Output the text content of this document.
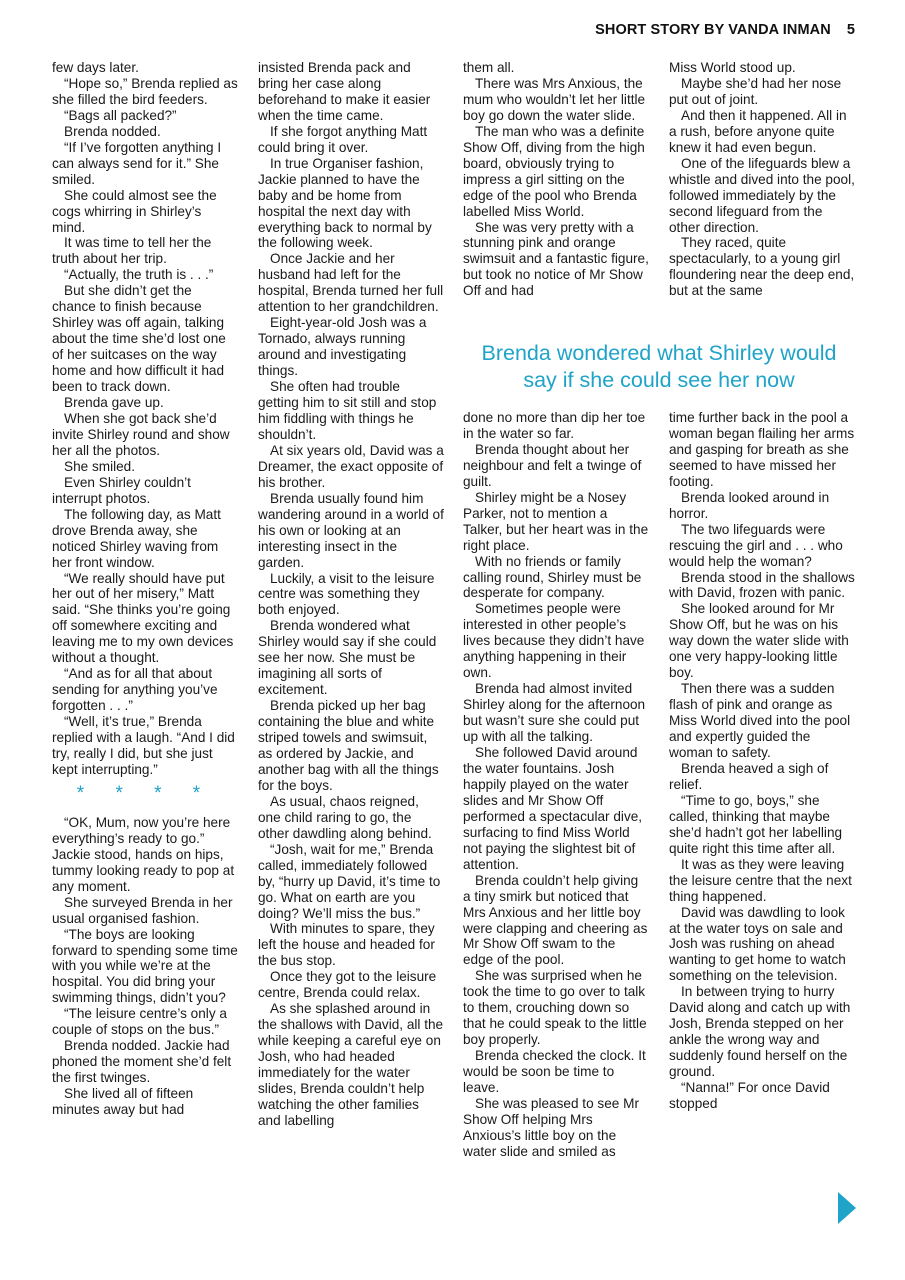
SHORT STORY BY VANDA INMAN 5

few days later.

“Hope so,” Brenda replied as she filled the bird feeders.

“Bags all packed?”

Brenda nodded.

“If I’ve forgotten anything I can always send for it.” She smiled.

She could almost see the cogs whirring in Shirley’s mind.

It was time to tell her the truth about her trip.

“Actually, the truth is . . .”

But she didn’t get the chance to finish because Shirley was off again, talking about the time she’d lost one of her suitcases on the way home and how difficult it had been to track down.

Brenda gave up.

When she got back she’d invite Shirley round and show her all the photos.

She smiled.

Even Shirley couldn’t interrupt photos.

The following day, as Matt drove Brenda away, she noticed Shirley waving from her front window.

“We really should have put her out of her misery,” Matt said. “She thinks you’re going off somewhere exciting and leaving me to my own devices without a thought.

“And as for all that about sending for anything you’ve forgotten . . .”

“Well, it’s true,” Brenda replied with a laugh. “And I did try, really I did, but she just kept interrupting.”

* * * *

“OK, Mum, now you’re here everything’s ready to go.” Jackie stood, hands on hips, tummy looking ready to pop at any moment.

She surveyed Brenda in her usual organised fashion.

“The boys are looking forward to spending some time with you while we’re at the hospital. You did bring your swimming things, didn’t you?

“The leisure centre’s only a couple of stops on the bus.”

Brenda nodded. Jackie had phoned the moment she’d felt the first twinges.

She lived all of fifteen minutes away but had

insisted Brenda pack and bring her case along beforehand to make it easier when the time came.

If she forgot anything Matt could bring it over.

In true Organiser fashion, Jackie planned to have the baby and be home from hospital the next day with everything back to normal by the following week.

Once Jackie and her husband had left for the hospital, Brenda turned her full attention to her grandchildren.

Eight-year-old Josh was a Tornado, always running around and investigating things.

She often had trouble getting him to sit still and stop him fiddling with things he shouldn’t.

At six years old, David was a Dreamer, the exact opposite of his brother.

Brenda usually found him wandering around in a world of his own or looking at an interesting insect in the garden.

Luckily, a visit to the leisure centre was something they both enjoyed.

Brenda wondered what Shirley would say if she could see her now. She must be imagining all sorts of excitement.

Brenda picked up her bag containing the blue and white striped towels and swimsuit, as ordered by Jackie, and another bag with all the things for the boys.

As usual, chaos reigned, one child raring to go, the other dawdling along behind.

“Josh, wait for me,” Brenda called, immediately followed by, “hurry up David, it’s time to go. What on earth are you doing? We’ll miss the bus.”

With minutes to spare, they left the house and headed for the bus stop.

Once they got to the leisure centre, Brenda could relax.

As she splashed around in the shallows with David, all the while keeping a careful eye on Josh, who had headed immediately for the water slides, Brenda couldn’t help watching the other families and labelling

them all.

There was Mrs Anxious, the mum who wouldn’t let her little boy go down the water slide.

The man who was a definite Show Off, diving from the high board, obviously trying to impress a girl sitting on the edge of the pool who Brenda labelled Miss World.

She was very pretty with a stunning pink and orange swimsuit and a fantastic figure, but took no notice of Mr Show Off and had

Miss World stood up.

Maybe she’d had her nose put out of joint.

And then it happened. All in a rush, before anyone quite knew it had even begun.

One of the lifeguards blew a whistle and dived into the pool, followed immediately by the second lifeguard from the other direction.

They raced, quite spectacularly, to a young girl floundering near the deep end, but at the same

Brenda wondered what Shirley would say if she could see her now

done no more than dip her toe in the water so far.

Brenda thought about her neighbour and felt a twinge of guilt.

Shirley might be a Nosey Parker, not to mention a Talker, but her heart was in the right place.

With no friends or family calling round, Shirley must be desperate for company.

Sometimes people were interested in other people’s lives because they didn’t have anything happening in their own.

Brenda had almost invited Shirley along for the afternoon but wasn’t sure she could put up with all the talking.

She followed David around the water fountains. Josh happily played on the water slides and Mr Show Off performed a spectacular dive, surfacing to find Miss World not paying the slightest bit of attention.

Brenda couldn’t help giving a tiny smirk but noticed that Mrs Anxious and her little boy were clapping and cheering as Mr Show Off swam to the edge of the pool.

She was surprised when he took the time to go over to talk to them, crouching down so that he could speak to the little boy properly.

Brenda checked the clock. It would be soon be time to leave.

She was pleased to see Mr Show Off helping Mrs Anxious’s little boy on the water slide and smiled as

time further back in the pool a woman began flailing her arms and gasping for breath as she seemed to have missed her footing.

Brenda looked around in horror.

The two lifeguards were rescuing the girl and . . . who would help the woman?

Brenda stood in the shallows with David, frozen with panic.

She looked around for Mr Show Off, but he was on his way down the water slide with one very happy-looking little boy.

Then there was a sudden flash of pink and orange as Miss World dived into the pool and expertly guided the woman to safety.

Brenda heaved a sigh of relief.

“Time to go, boys,” she called, thinking that maybe she’d hadn’t got her labelling quite right this time after all.

It was as they were leaving the leisure centre that the next thing happened.

David was dawdling to look at the water toys on sale and Josh was rushing on ahead wanting to get home to watch something on the television.

In between trying to hurry David along and catch up with Josh, Brenda stepped on her ankle the wrong way and suddenly found herself on the ground.

“Nanna!” For once David stopped
